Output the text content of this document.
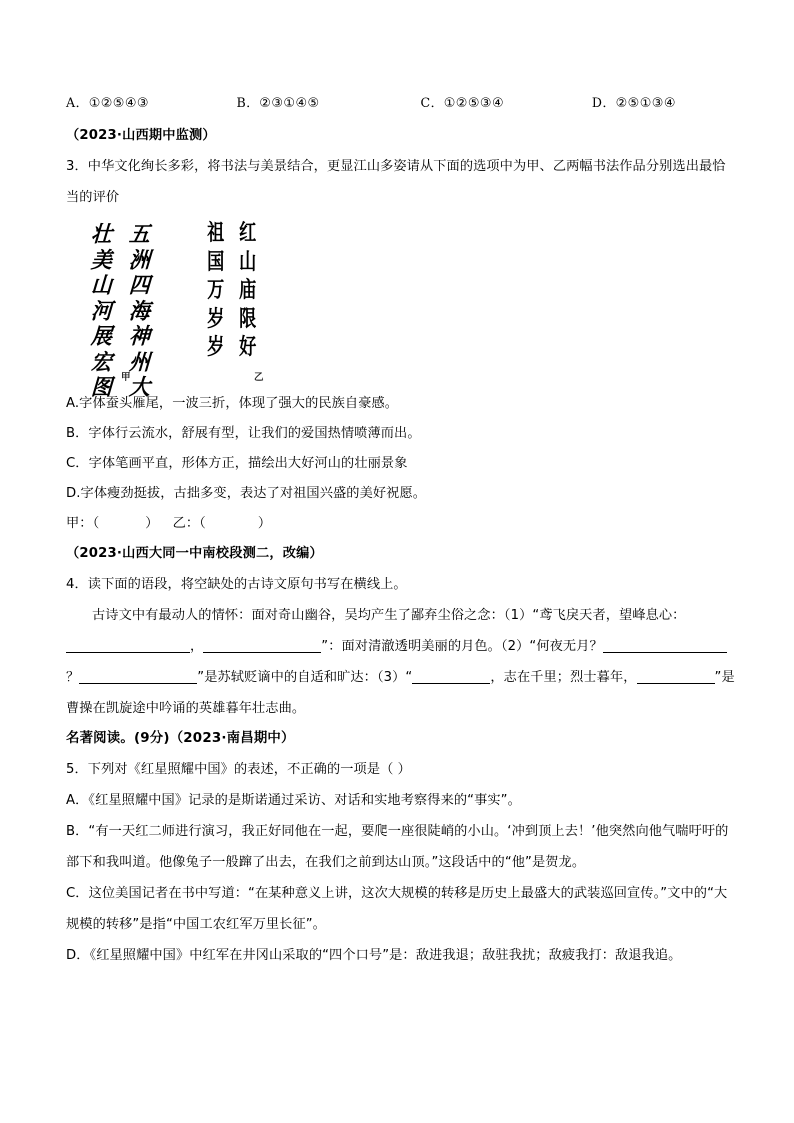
A．①②⑤④③	B．②③①④⑤	C．①②⑤③④	D．②⑤①③④
（2023·山西期中监测）
3．中华文化绚长多彩，将书法与美景结合，更显江山多姿请从下面的选项中为甲、乙两幅书法作品分别选出最恰当的评价
五
洲
四
海
神
州
大
壮
美
山
河
展
宏
图
红
山
庙
限
好
祖
国
万
岁
岁
甲	乙
A.字体蚕头雁尾，一波三折，体现了强大的民族自豪感。
B．字体行云流水，舒展有型，让我们的爱国热情喷薄而出。
C．字体笔画平直，形体方正，描绘出大好河山的壮丽景象
D.字体瘦劲挺拔，古拙多变，表达了对祖国兴盛的美好祝愿。
甲：（	） 乙：（	）
（2023·山西大同一中南校段测二，改编）
4．读下面的语段，将空缺处的古诗文原句书写在横线上。
古诗文中有最动人的情怀：面对奇山幽谷，吴均产生了鄙弃尘俗之念：（1）“鸢飞戾天者，望峰息心：，	”：面对清澈透明美丽的月色。（2）“何夜无月？？	”是苏轼贬谪中的自适和旷达：（3）“	，志在千里；烈士暮年，	”是曹操在凯旋途中吟诵的英雄暮年壮志曲。
名著阅读。(9分)（2023·南昌期中）
5．下列对《红星照耀中国》的表述，不正确的一项是（ ）
A．《红星照耀中国》记录的是斯诺通过采访、对话和实地考察得来的“事实”。
B．“有一天红二师进行演习，我正好同他在一起，要爬一座很陡峭的小山。‘冲到顶上去！’他突然向他气喘吁吁的部下和我叫道。他像兔子一般蹿了出去，在我们之前到达山顶。”这段话中的“他”是贺龙。
C．这位美国记者在书中写道：“在某种意义上讲，这次大规模的转移是历史上最盛大的武装巡回宣传。”文中的“大规模的转移”是指“中国工农红军万里长征”。
D．《红星照耀中国》中红军在井冈山采取的“四个口号”是：敌进我退；敌驻我扰；敌疲我打：敌退我追。
